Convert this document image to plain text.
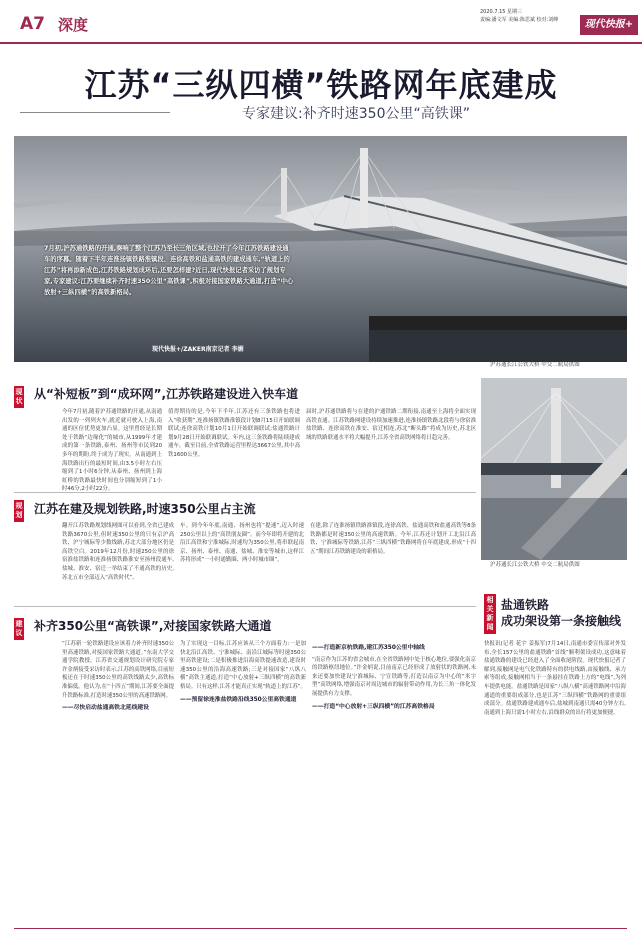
A7 深度
2020.7.15 星期三
责编:潘文军 美编:陈思斌 校对:刘峰	现代快报+
江苏“三纵四横”铁路网年底建成
专家建议:补齐时速350公里“高铁课”
7月初,沪苏通铁路的开通,奏响了整个江苏乃至长三角区域,也拉开了今年江苏铁路建设通车的序幕。随着下半年连淮扬镇铁路淮镇段、连徐高铁和盐通高铁的建成通车,“轨道上的江苏”将再添新成色,江苏铁路规划成环后,还要怎样建?近日,现代快报记者采访了规划专家,专家建议:江苏要继续补齐时速350公里“高铁课”,积极对接国家铁路大通道,打造“中心放射+三纵四横”的高铁新格局。
现代快报+/ZAKER南京记者 李媚
沪苏通长江公铁大桥 中交二航局供图
沪苏通长江公铁大桥 中交二航局供图
现
状 从“补短板”到“成环网”,江苏铁路建设进入快车道
今年7月初,随着沪苏通铁路的开通,从南通出发的一列列火车,就近就可驶入上海,南通的区位优势更加凸显。这里曾经是长期处于铁路“边缘化”的城市,从1999年才建成的第一条铁路,泰州、扬州等市民到20多年的期盼,终于成为了现实。从南通到上海铁路出行的最短时间,由3.5小时左右压缩到了1小时6分钟,从泰州、扬州到上海虹桥的铁路最快时间也分别缩短到了1小时46分,2小时22分。
值得期待的是,今年下半年,江苏还有三条铁路也将进入“收获期”,连淮扬镇铁路淮镇段计划8月15日开始联调联试;连徐高铁计划10月1日开始联调联试;盐通铁路计划9月28日开始联调联试。年内,这三条铁路将陆续建成通车。截至目前,全省铁路运营里程达3667公里,其中高铁1600公里。
届时,沪苏通铁路将与在建的沪通铁路二期衔接,南通至上海将全面实现高铁直通。江苏铁路网建设持续加速推进,连淮扬镇铁路北段将与徐宿淮盐铁路、连徐高铁在淮安、宿迁相连,苏北“断头路”将成为历史,苏北区域的铁路联通水平将大幅提升,江苏全省高铁网络将日趋完善。
规
划 江苏在建及规划铁路,时速350公里占主流
翻开江苏铁路规划线网图可以看到,全省已建成铁路3670公里,但时速350公里的只有京沪高铁、沪宁城际等少数线路,苏北大部分地区仍是高铁空白。2019年12月份,时速250公里的徐宿淮盐铁路和连淮扬镇铁路淮安至扬州段通车,盐城、淮安、宿迁一举结束了不通高铁的历史,苏北五市全部迈入“高铁时代”。
车。到今年年底,南通、扬州也将“提速”,迈入时速250公里以上的“高铁朋友圈”。而今年即将开建的北沿江高铁和宁淮城际,时速均为350公里,将串联起南京、扬州、泰州、南通、盐城、淮安等城市,这样江苏将形成“一小时通勤圈、两小时城市圈”。
在建,除了连淮扬镇铁路淮镇段,连徐高铁、盐通高铁和盐通高铁等8条铁路都是时速350公里的高速铁路。今年,江苏还计划开工北沿江高铁、宁淮城际等铁路,江苏“三纵四横”铁路网将在年底建成,形成“十四五”期间江苏铁路建设的新格局。
建
议 补齐350公里“高铁课”,对接国家铁路大通道
“江苏新一轮铁路建设应该着力补齐时速350公里高速铁路,对接国家铁路大通道。”东南大学交通学院教授、江苏省交通规划设计研究院专家许金炳接受采访时表示,江苏的高铁网络,目前短板还在于时速350公里的高铁线路太少,高铁标准偏低。他认为,在“十四五”期间,江苏要全面提升铁路标准,打造时速350公里的高速铁路网。
——尽快启动盐通高铁北延线建设
为了实现这一目标,江苏应该从三个方面着力:一是加快北沿江高铁、宁淮城际、南沿江城际等时速350公里高铁建设;二是积极推进沿海高铁提速改造,建设时速350公里的沿海高速铁路;三是对接国家“八纵八横”高铁主通道,打造“中心放射+三纵四横”的高铁新格局。只有这样,江苏才能真正实现“轨道上的江苏”。
——预留徐连淮盐铁路沿线350公里高铁通道
——打造新京杭铁路,建江苏350公里中轴线
“南京作为江苏的省会城市,在全省铁路网中处于核心地位,要强化南京的铁路枢纽地位。”许金炳说,目前南京已经形成了放射状的铁路网,未来还要加快建设宁淮城际、宁宣铁路等,打造以南京为中心的“米字型”高铁网络,增强南京对周边城市的辐射带动作用,为长三角一体化发展提供有力支撑。
——打造“中心放射+三纵四横”的江苏高铁格局
相
关
新
闻
盐通铁路
成功架设第一条接触线
快报讯(记者 花宇 姜振军)7月14日,南通市委宣传部对外发布,全长157公里的盐通铁路“首线”顺利架设成功,这意味着盐通铁路的建设已经进入了全面收尾阶段。现代快报记者了解到,接触网是电气化铁路特有的供电线路,由接触线、承力索等组成,接触网相当于一条悬挂在铁路上方的“电线”,为列车提供电能。盐通铁路是国家“八纵八横”高速铁路网中沿海通道的重要组成部分,也是江苏“三纵四横”铁路网的重要组成部分。盐通铁路建成通车后,盐城到南通只需40分钟左右,南通到上海只需1小时左右,沿线群众的出行将更加便捷。
